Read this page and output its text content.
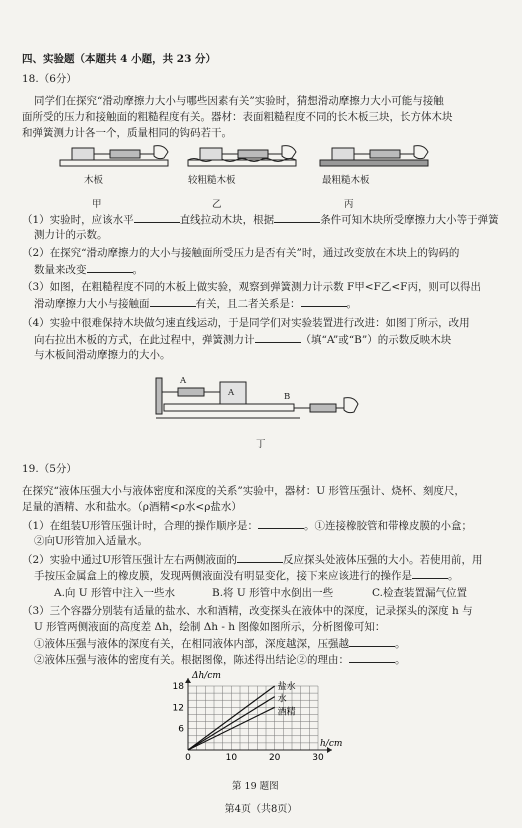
四、实验题（本题共 4 小题，共 23 分）
18.（6分）
同学们在探究“滑动摩擦力大小与哪些因素有关”实验时，猜想滑动摩擦力大小可能与接触
面所受的压力和接触面的粗糙程度有关。器材：表面粗糙程度不同的长木板三块，长方体木块
和弹簧测力计各一个，质量相同的钩码若干。
木板	较粗糙木板	最粗糙木板
甲	乙	丙
（1）实验时，应该水平	直线拉动木块，根据	条件可知木块所受摩擦力大小等于弹簧
测力计的示数。
（2）在探究“滑动摩擦力的大小与接触面所受压力是否有关”时，通过改变放在木块上的钩码的
数量来改变	。
（3）如图，在粗糙程度不同的木板上做实验，观察到弹簧测力计示数 F甲<F乙<F丙，则可以得出
滑动摩擦力大小与接触面	有关，且二者关系是：	。
（4）实验中很难保持木块做匀速直线运动，于是同学们对实验装置进行改进：如图丁所示，改用
向右拉出木板的方式，在此过程中，弹簧测力计	（填“A”或“B”）的示数反映木块
与木板间滑动摩擦力的大小。
A
A	B
丁
19.（5分）
在探究“液体压强大小与液体密度和深度的关系”实验中，器材：U 形管压强计、烧杯、刻度尺，
足量的酒精、水和盐水。（ρ酒精<ρ水<ρ盐水）
（1）在组装U形管压强计时，合理的操作顺序是：	。①连接橡胶管和带橡皮膜的小盒；
②向U形管加入适量水。
（2）实验中通过U形管压强计左右两侧液面的	反应探头处液体压强的大小。若使用前，用
手按压金属盒上的橡皮膜，发现两侧液面没有明显变化，接下来应该进行的操作是	。
A.向 U 形管中注入一些水	B.将 U 形管中水倒出一些	C.检查装置漏气位置
（3）三个容器分别装有适量的盐水、水和酒精，改变探头在液体中的深度，记录探头的深度 h 与
U 形管两侧液面的高度差 Δh，绘制 Δh - h 图像如图所示，分析图像可知：
①液体压强与液体的深度有关，在相同液体内部，深度越深，压强越	。
②液体压强与液体的密度有关。根据图像，陈述得出结论②的理由：	。
0	10	20	30
6
12
18
h/cm
Δh/cm
盐水
水
酒精
第 19 题图
第4页（共8页）
